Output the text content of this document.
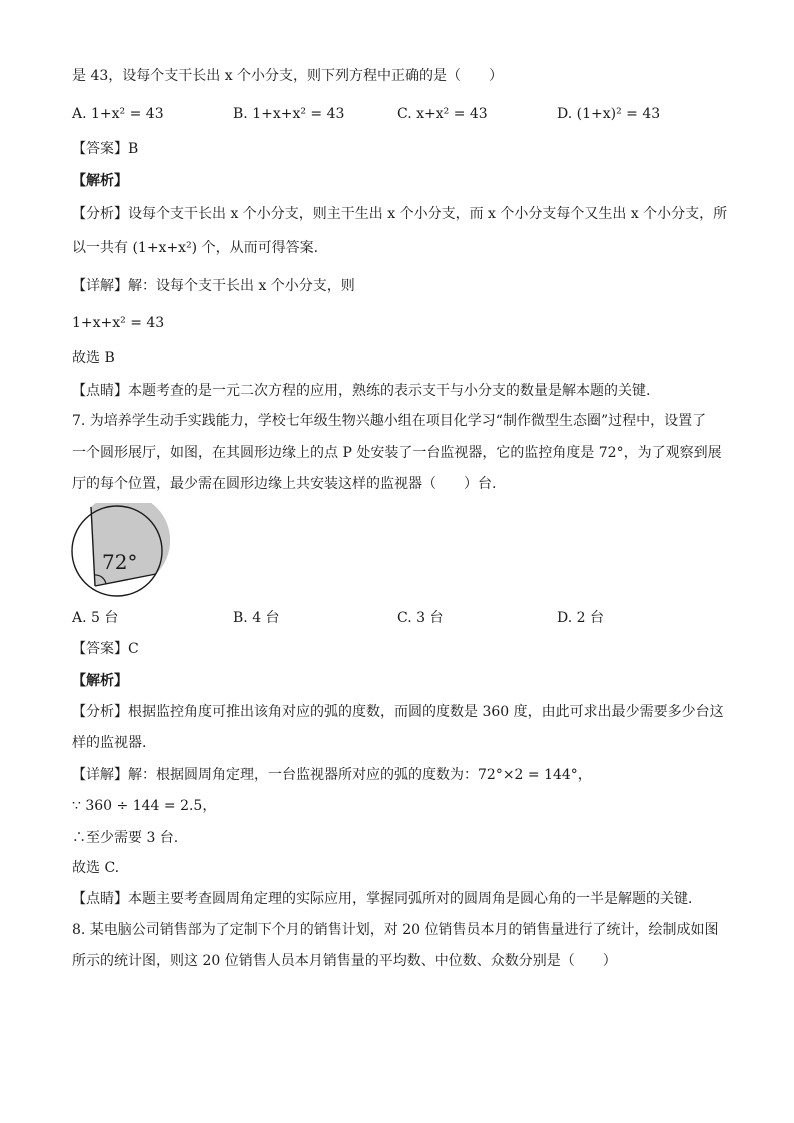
是 43，设每个支干长出 x 个小分支，则下列方程中正确的是（　　）
A. 1+x² = 43	B. 1+x+x² = 43	C. x+x² = 43	D. (1+x)² = 43
【答案】B
【解析】
【分析】设每个支干长出 x 个小分支，则主干生出 x 个小分支，而 x 个小分支每个又生出 x 个小分支，所
以一共有 (1+x+x²) 个，从而可得答案.
【详解】解：设每个支干长出 x 个小分支，则
1+x+x² = 43
故选 B
【点睛】本题考查的是一元二次方程的应用，熟练的表示支干与小分支的数量是解本题的关键.
7. 为培养学生动手实践能力，学校七年级生物兴趣小组在项目化学习“制作微型生态圈”过程中，设置了
一个圆形展厅，如图，在其圆形边缘上的点 P 处安装了一台监视器，它的监控角度是 72°，为了观察到展
厅的每个位置，最少需在圆形边缘上共安装这样的监视器（　　）台.
72°
A. 5 台	B. 4 台	C. 3 台	D. 2 台
【答案】C
【解析】
【分析】根据监控角度可推出该角对应的弧的度数，而圆的度数是 360 度，由此可求出最少需要多少台这
样的监视器.
【详解】解：根据圆周角定理，一台监视器所对应的弧的度数为：72°×2 = 144°，
∵ 360 ÷ 144 = 2.5，
∴至少需要 3 台.
故选 C.
【点睛】本题主要考查圆周角定理的实际应用，掌握同弧所对的圆周角是圆心角的一半是解题的关键.
8. 某电脑公司销售部为了定制下个月的销售计划，对 20 位销售员本月的销售量进行了统计，绘制成如图
所示的统计图，则这 20 位销售人员本月销售量的平均数、中位数、众数分别是（　　）
